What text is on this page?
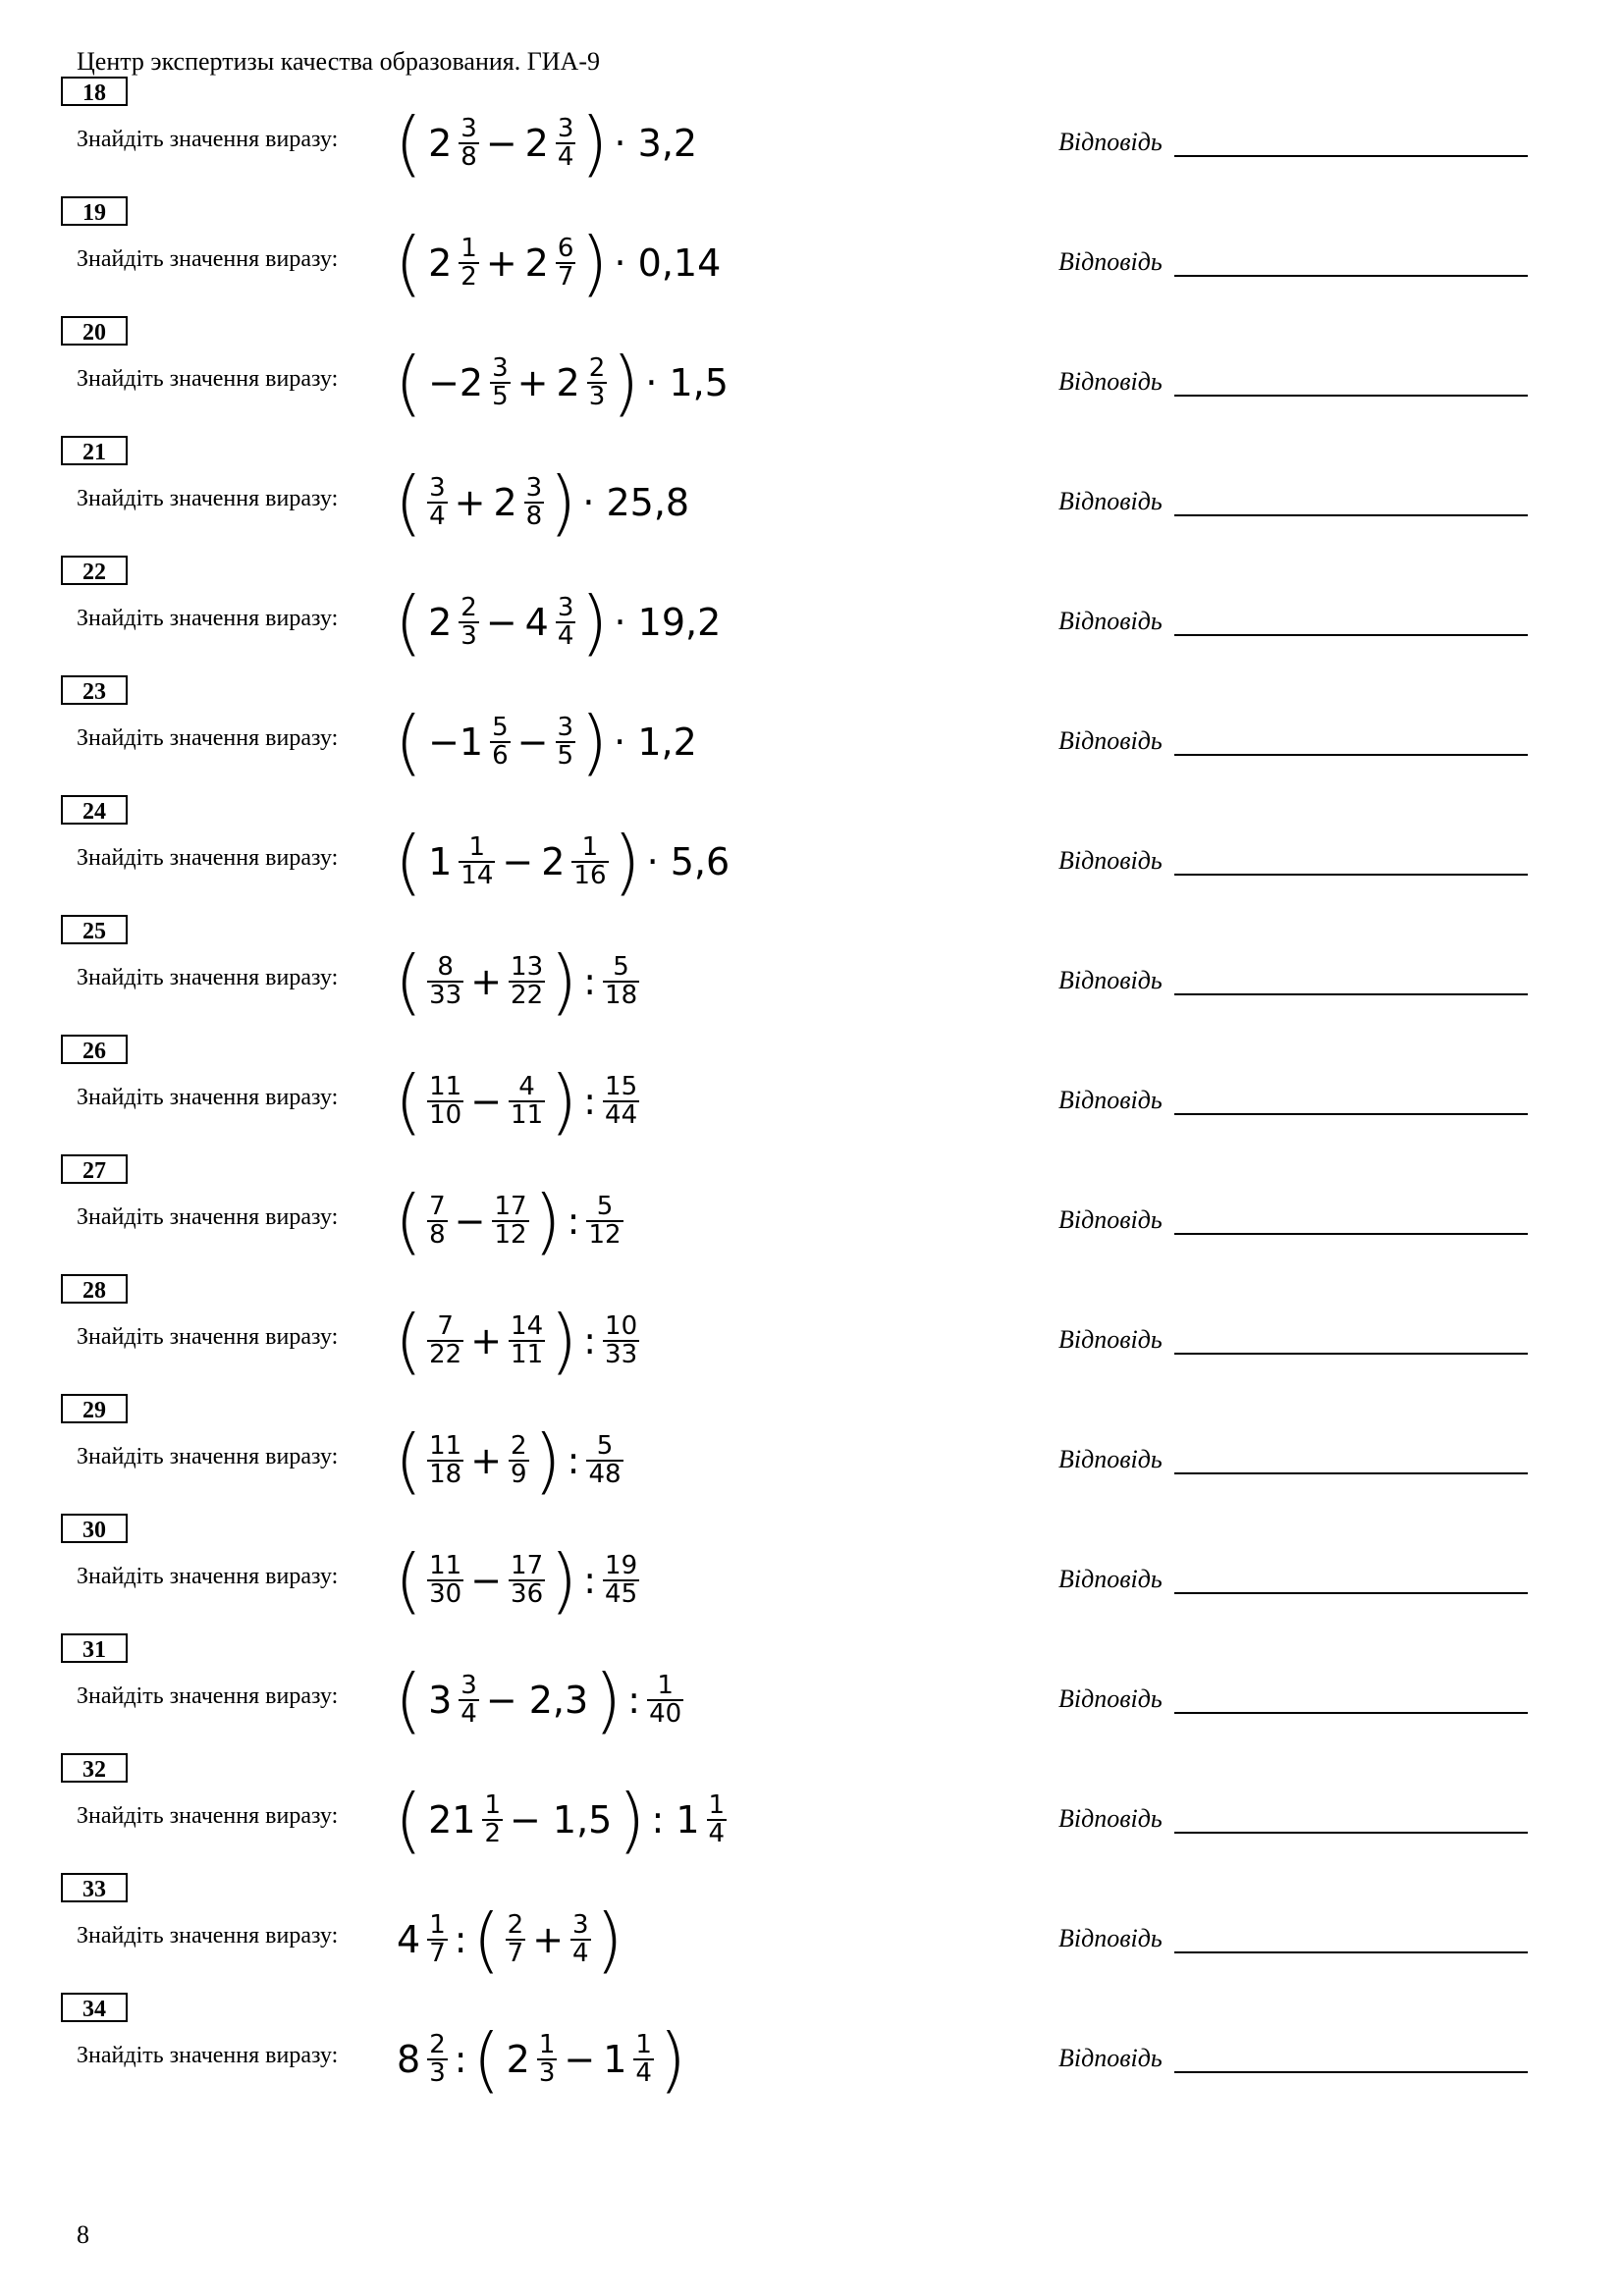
Центр экспертизы качества образования. ГИА-9
18
Знайдіть значення виразу: ( $2 \frac{3}{8} - 2 \frac{3}{4}$ ) · 3,2	Відповідь
19
Знайдіть значення виразу: ( $2 \frac{1}{2} + 2 \frac{6}{7}$ ) · 0,14	Відповідь
20
Знайдіть значення виразу: ( $-2 \frac{3}{5} + 2 \frac{2}{3}$ ) · 1,5	Відповідь
21
Знайдіть значення виразу: ( $\frac{3}{4} + 2 \frac{3}{8}$ ) · 25,8	Відповідь
22
Знайдіть значення виразу: ( $2 \frac{2}{3} - 4 \frac{3}{4}$ ) · 19,2	Відповідь
23
Знайдіть значення виразу: ( $-1 \frac{5}{6} - \frac{3}{5}$ ) · 1,2	Відповідь
24
Знайдіть значення виразу: ( $1 \frac{1}{14} - 2 \frac{1}{16}$ ) · 5,6	Відповідь
25
Знайдіть значення виразу: ( $\frac{8}{33} + \frac{13}{22}$ ) : $\frac{5}{18}$	Відповідь
26
Знайдіть значення виразу: ( $\frac{11}{10} - \frac{4}{11}$ ) : $\frac{15}{44}$	Відповідь
27
Знайдіть значення виразу: ( $\frac{7}{8} - \frac{17}{12}$ ) : $\frac{5}{12}$	Відповідь
28
Знайдіть значення виразу: ( $\frac{7}{22} + \frac{14}{11}$ ) : $\frac{10}{33}$	Відповідь
29
Знайдіть значення виразу: ( $\frac{11}{18} + \frac{2}{9}$ ) : $\frac{5}{48}$	Відповідь
30
Знайдіть значення виразу: ( $\frac{11}{30} - \frac{17}{36}$ ) : $\frac{19}{45}$	Відповідь
31
Знайдіть значення виразу: ( $3 \frac{3}{4} - 2,3$ ) : $\frac{1}{40}$	Відповідь
32
Знайдіть значення виразу: ( $21 \frac{1}{2} - 1,5$ ) : $1 \frac{1}{4}$	Відповідь
33
Знайдіть значення виразу: $4 \frac{1}{7}$ : ( $\frac{2}{7} + \frac{3}{4}$ )	Відповідь
34
Знайдіть значення виразу: $8 \frac{2}{3}$ : ( $2 \frac{1}{3} - 1 \frac{1}{4}$ )	Відповідь
8
